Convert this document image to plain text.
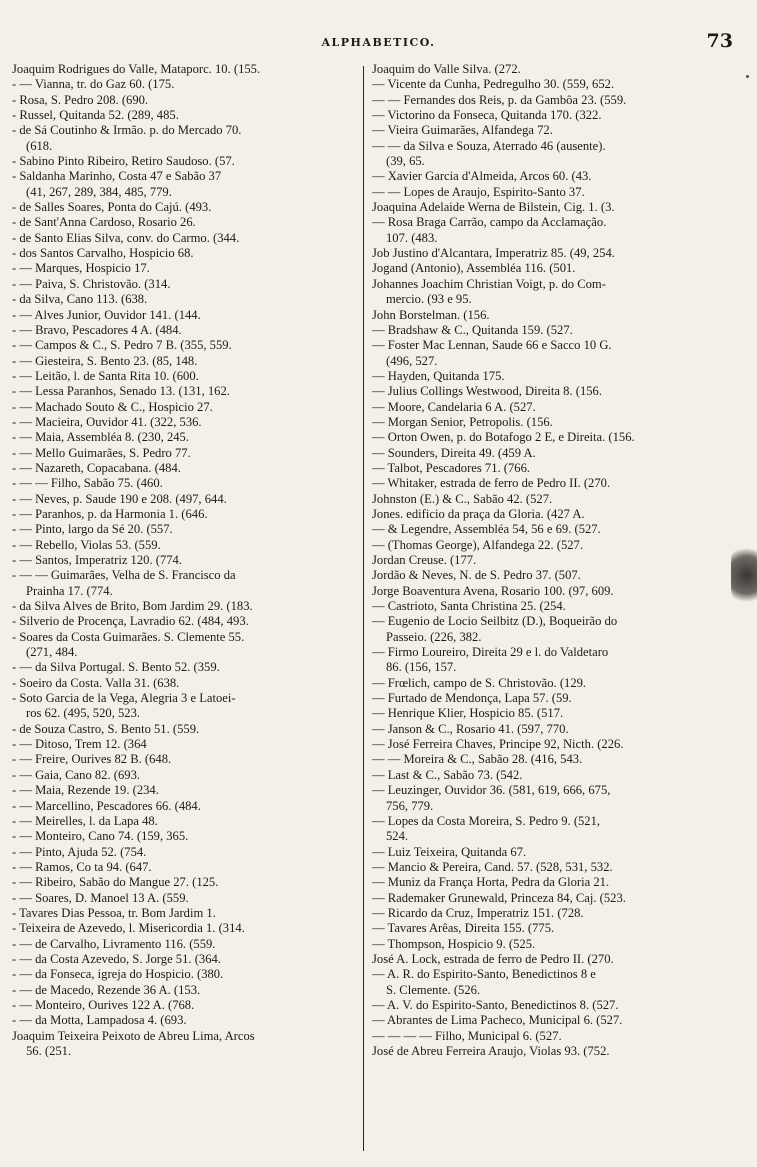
ALPHABETICO.	73
Joaquim Rodrigues do Valle, Mataporc. 10. (155.
- — Vianna, tr. do Gaz 60. (175.
- Rosa, S. Pedro 208. (690.
- Russel, Quitanda 52. (289, 485.
- de Sá Coutinho & Irmão. p. do Mercado 70.
(618.
- Sabino Pinto Ribeiro, Retiro Saudoso. (57.
- Saldanha Marinho, Costa 47 e Sabão 37
(41, 267, 289, 384, 485, 779.
- de Salles Soares, Ponta do Cajú. (493.
- de Sant'Anna Cardoso, Rosario 26.
- de Santo Elias Silva, conv. do Carmo. (344.
- dos Santos Carvalho, Hospicio 68.
- — Marques, Hospicio 17.
- — Paiva, S. Christovão. (314.
- da Silva, Cano 113. (638.
- — Alves Junior, Ouvidor 141. (144.
- — Bravo, Pescadores 4 A. (484.
- — Campos & C., S. Pedro 7 B. (355, 559.
- — Giesteira, S. Bento 23. (85, 148.
- — Leitão, l. de Santa Rita 10. (600.
- — Lessa Paranhos, Senado 13. (131, 162.
- — Machado Souto & C., Hospicio 27.
- — Macieira, Ouvidor 41. (322, 536.
- — Maia, Assembléa 8. (230, 245.
- — Mello Guimarães, S. Pedro 77.
- — Nazareth, Copacabana. (484.
- — — Filho, Sabão 75. (460.
- — Neves, p. Saude 190 e 208. (497, 644.
- — Paranhos, p. da Harmonia 1. (646.
- — Pinto, largo da Sé 20. (557.
- — Rebello, Violas 53. (559.
- — Santos, Imperatriz 120. (774.
- — — Guimarães, Velha de S. Francisco da
Prainha 17. (774.
- da Silva Alves de Brito, Bom Jardim 29. (183.
- Silverio de Procença, Lavradio 62. (484, 493.
- Soares da Costa Guimarães. S. Clemente 55.
(271, 484.
- — da Silva Portugal. S. Bento 52. (359.
- Soeiro da Costa. Valla 31. (638.
- Soto Garcia de la Vega, Alegria 3 e Latoei-
ros 62. (495, 520, 523.
- de Souza Castro, S. Bento 51. (559.
- — Ditoso, Trem 12. (364
- — Freire, Ourives 82 B. (648.
- — Gaia, Cano 82. (693.
- — Maia, Rezende 19. (234.
- — Marcellino, Pescadores 66. (484.
- — Meirelles, l. da Lapa 48.
- — Monteiro, Cano 74. (159, 365.
- — Pinto, Ajuda 52. (754.
- — Ramos, Co ta 94. (647.
- — Ribeiro, Sabão do Mangue 27. (125.
- — Soares, D. Manoel 13 A. (559.
- Tavares Dias Pessoa, tr. Bom Jardim 1.
- Teixeira de Azevedo, l. Misericordia 1. (314.
- — de Carvalho, Livramento 116. (559.
- — da Costa Azevedo, S. Jorge 51. (364.
- — da Fonseca, igreja do Hospicio. (380.
- — de Macedo, Rezende 36 A. (153.
- — Monteiro, Ourives 122 A. (768.
- — da Motta, Lampadosa 4. (693.
Joaquim Teixeira Peixoto de Abreu Lima, Arcos
56. (251.
Joaquim do Valle Silva. (272.
— Vicente da Cunha, Pedregulho 30. (559, 652.
— — Fernandes dos Reis, p. da Gambôa 23. (559.
— Victorino da Fonseca, Quitanda 170. (322.
— Vieira Guimarães, Alfandega 72.
— — da Silva e Souza, Aterrado 46 (ausente).
(39, 65.
— Xavier Garcia d'Almeida, Arcos 60. (43.
— — Lopes de Araujo, Espirito-Santo 37.
Joaquina Adelaide Werna de Bilstein, Cig. 1. (3.
— Rosa Braga Carrão, campo da Acclamação.
107. (483.
Job Justino d'Alcantara, Imperatriz 85. (49, 254.
Jogand (Antonio), Assembléa 116. (501.
Johannes Joachim Christian Voigt, p. do Com-
mercio. (93 e 95.
John Borstelman. (156.
— Bradshaw & C., Quitanda 159. (527.
— Foster Mac Lennan, Saude 66 e Sacco 10 G.
(496, 527.
— Hayden, Quitanda 175.
— Julius Collings Westwood, Direita 8. (156.
— Moore, Candelaria 6 A. (527.
— Morgan Senior, Petropolis. (156.
— Orton Owen, p. do Botafogo 2 E, e Direita. (156.
— Sounders, Direita 49. (459 A.
— Talbot, Pescadores 71. (766.
— Whitaker, estrada de ferro de Pedro II. (270.
Johnston (E.) & C., Sabão 42. (527.
Jones. edificio da praça da Gloria. (427 A.
— & Legendre, Assembléa 54, 56 e 69. (527.
— (Thomas George), Alfandega 22. (527.
Jordan Creuse. (177.
Jordão & Neves, N. de S. Pedro 37. (507.
Jorge Boaventura Avena, Rosario 100. (97, 609.
— Castrioto, Santa Christina 25. (254.
— Eugenio de Locio Seilbitz (D.), Boqueirão do
Passeio. (226, 382.
— Firmo Loureiro, Direita 29 e l. do Valdetaro
86. (156, 157.
— Frœlich, campo de S. Christovão. (129.
— Furtado de Mendonça, Lapa 57. (59.
— Henrique Klier, Hospicio 85. (517.
— Janson & C., Rosario 41. (597, 770.
— José Ferreira Chaves, Principe 92, Nicth. (226.
— — Moreira & C., Sabão 28. (416, 543.
— Last & C., Sabão 73. (542.
— Leuzinger, Ouvidor 36. (581, 619, 666, 675,
756, 779.
— Lopes da Costa Moreira, S. Pedro 9. (521,
524.
— Luiz Teixeira, Quitanda 67.
— Mancio & Pereira, Cand. 57. (528, 531, 532.
— Muniz da França Horta, Pedra da Gloria 21.
— Rademaker Grunewald, Princeza 84, Caj. (523.
— Ricardo da Cruz, Imperatriz 151. (728.
— Tavares Arêas, Direita 155. (775.
— Thompson, Hospicio 9. (525.
José A. Lock, estrada de ferro de Pedro II. (270.
— A. R. do Espirito-Santo, Benedictinos 8 e
S. Clemente. (526.
— A. V. do Espirito-Santo, Benedictinos 8. (527.
— Abrantes de Lima Pacheco, Municipal 6. (527.
— — — — Filho, Municipal 6. (527.
José de Abreu Ferreira Araujo, Violas 93. (752.
